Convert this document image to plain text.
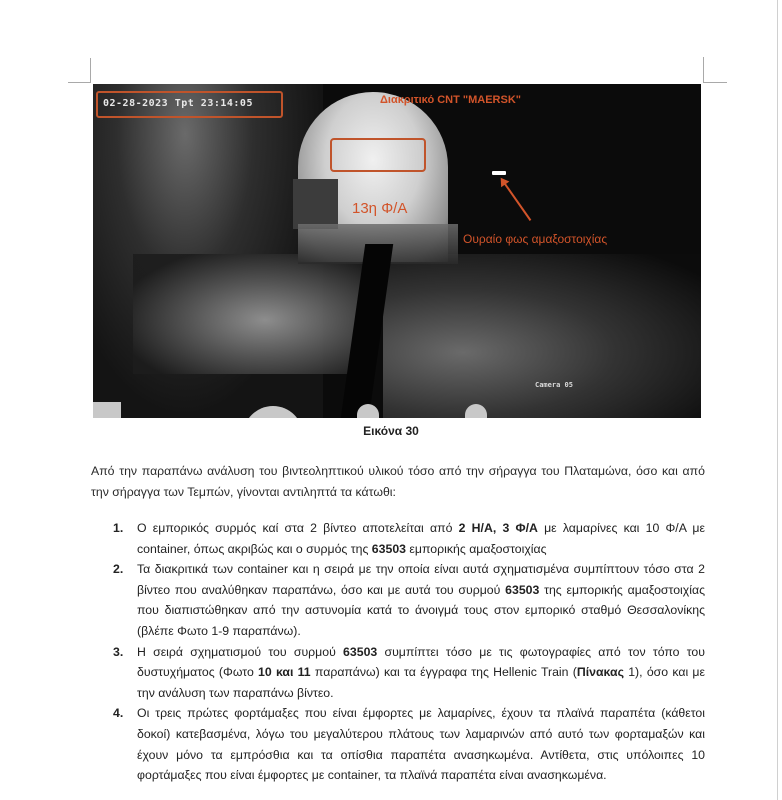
02-28-2023 Tpt 23:14:05	Διακριτικό CNT "MAERSK"
13η Φ/Α
Ουραίο φως αμαξοστοιχίας
Camera 05
Εικόνα 30

Από την παραπάνω ανάλυση του βιντεοληπτικού υλικού τόσο από την σήραγγα του Πλαταμώνα, όσο και από την σήραγγα των Τεμπών, γίνονται αντιληπτά τα κάτωθι:

1. Ο εμπορικός συρμός καί στα 2 βίντεο αποτελείται από 2 Η/Α, 3 Φ/Α με λαμαρίνες και 10 Φ/Α με container, όπως ακριβώς και ο συρμός της 63503 εμπορικής αμαξοστοιχίας
2. Τα διακριτικά των container και η σειρά με την οποία είναι αυτά σχηματισμένα συμπίπτουν τόσο στα 2 βίντεο που αναλύθηκαν παραπάνω, όσο και με αυτά του συρμού 63503 της εμπορικής αμαξοστοιχίας που διαπιστώθηκαν από την αστυνομία κατά το άνοιγμά τους στον εμπορικό σταθμό Θεσσαλονίκης (βλέπε Φωτο 1-9 παραπάνω).
3. Η σειρά σχηματισμού του συρμού 63503 συμπίπτει τόσο με τις φωτογραφίες από τον τόπο του δυστυχήματος (Φωτο 10 και 11 παραπάνω) και τα έγγραφα της Hellenic Train (Πίνακας 1), όσο και με την ανάλυση των παραπάνω βίντεο.
4. Οι τρεις πρώτες φορτάμαξες που είναι έμφορτες με λαμαρίνες, έχουν τα πλαϊνά παραπέτα (κάθετοι δοκοί) κατεβασμένα, λόγω του μεγαλύτερου πλάτους των λαμαρινών από αυτό των φορταμαξών και έχουν μόνο τα εμπρόσθια και τα οπίσθια παραπέτα ανασηκωμένα. Αντίθετα, στις υπόλοιπες 10 φορτάμαξες που είναι έμφορτες με container, τα πλαϊνά παραπέτα είναι ανασηκωμένα.
